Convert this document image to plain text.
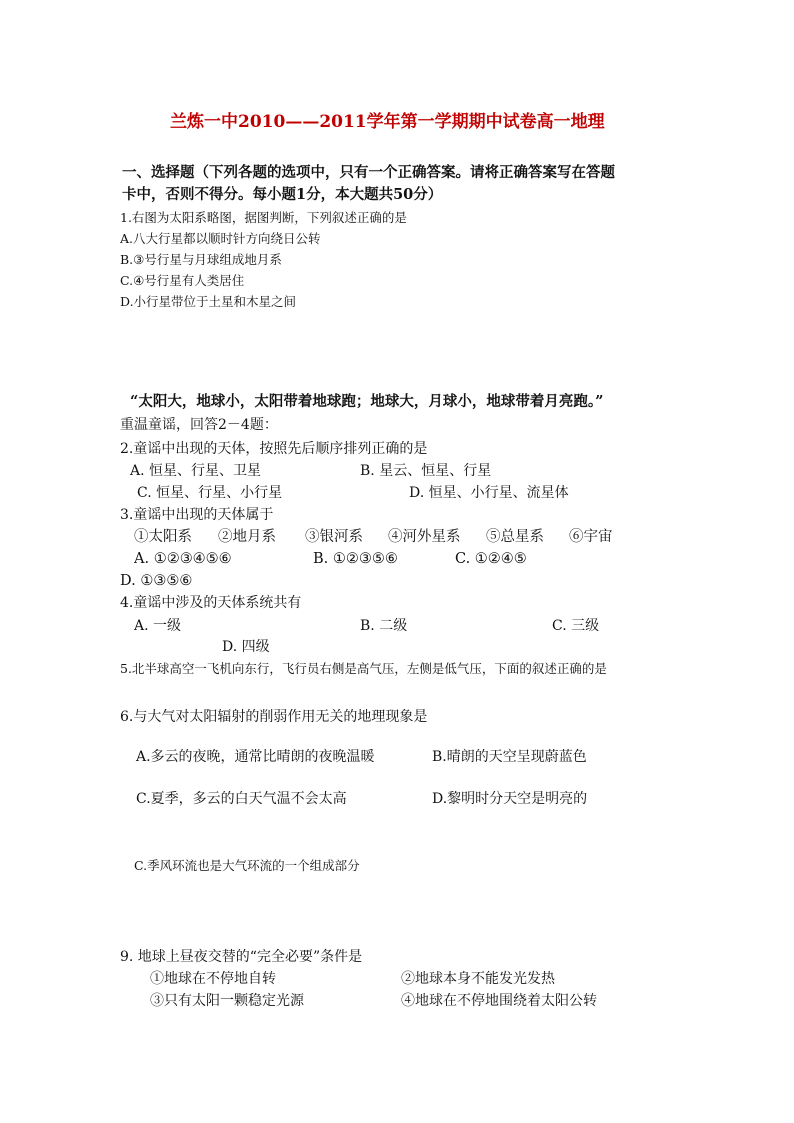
兰炼一中2010——2011学年第一学期期中试卷高一地理
一、选择题（下列各题的选项中，只有一个正确答案。请将正确答案写在答题
卡中，否则不得分。每小题1分，本大题共50分）
1.右图为太阳系略图，据图判断，下列叙述正确的是
A.八大行星都以顺时针方向绕日公转
B.③号行星与月球组成地月系
C.④号行星有人类居住
D.小行星带位于土星和木星之间
“太阳大，地球小，太阳带着地球跑；地球大，月球小，地球带着月亮跑。”
重温童谣，回答2－4题：
2.童谣中出现的天体，按照先后顺序排列正确的是
A. 恒星、行星、卫星	B. 星云、恒星、行星
C. 恒星、行星、小行星	D. 恒星、小行星、流星体
3.童谣中出现的天体属于
①太阳系 ②地月系 ③银河系 ④河外星系 ⑤总星系 ⑥宇宙
A. ①②③④⑤⑥	B. ①②③⑤⑥	C. ①②④⑤
D. ①③⑤⑥
4.童谣中涉及的天体系统共有
A. 一级	B. 二级	C. 三级
D. 四级
5.北半球高空一飞机向东行，飞行员右侧是高气压，左侧是低气压，下面的叙述正确的是
6.与大气对太阳辐射的削弱作用无关的地理现象是
A.多云的夜晚，通常比晴朗的夜晚温暖	B.晴朗的天空呈现蔚蓝色
C.夏季，多云的白天气温不会太高	D.黎明时分天空是明亮的
C.季风环流也是大气环流的一个组成部分
9. 地球上昼夜交替的“完全必要”条件是
①地球在不停地自转	②地球本身不能发光发热
③只有太阳一颗稳定光源	④地球在不停地围绕着太阳公转
